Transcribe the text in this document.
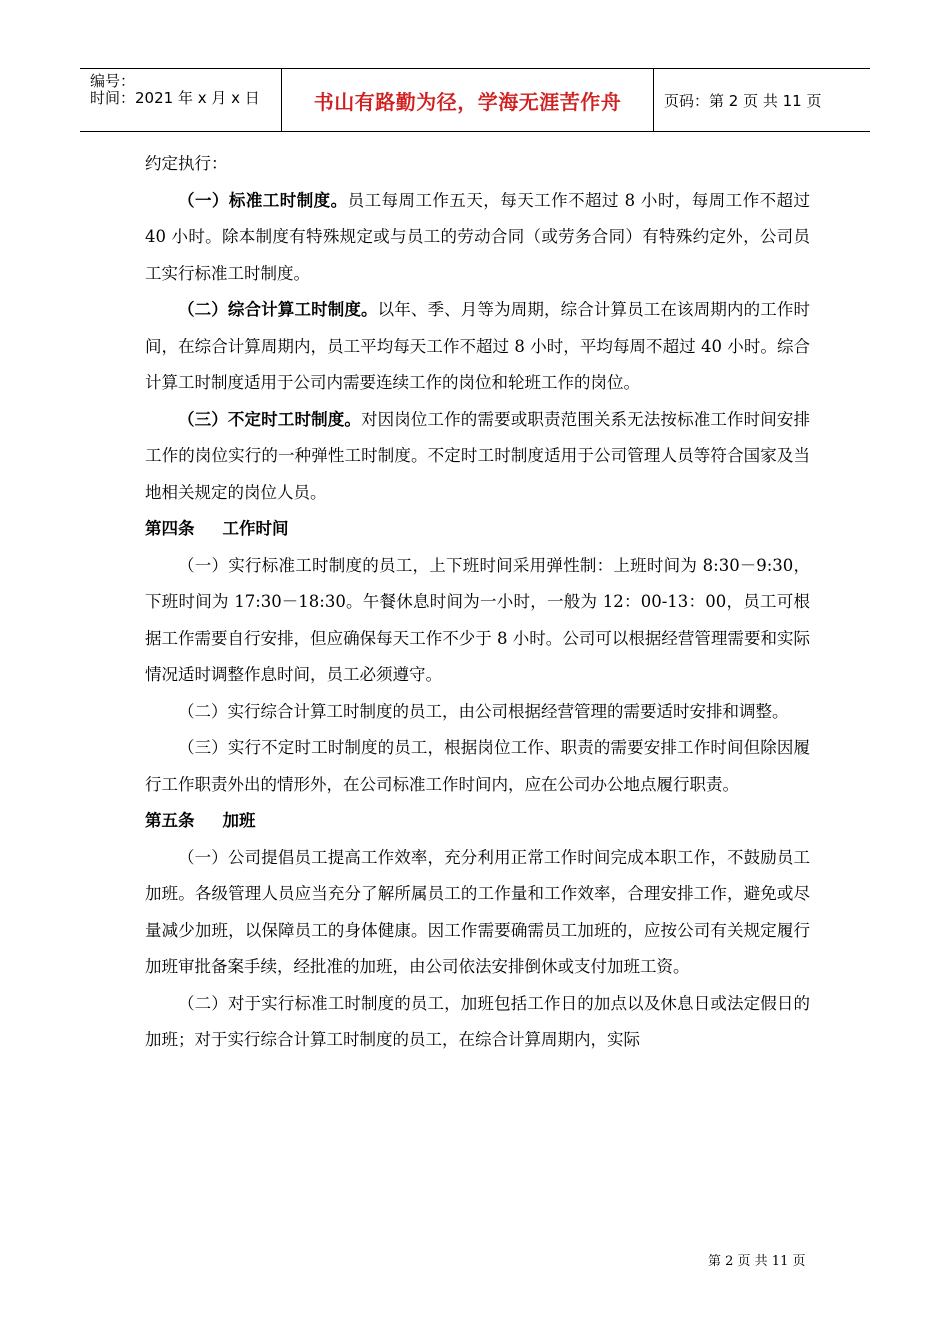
编号：
时间：2021 年 x 月 x 日	书山有路勤为径，学海无涯苦作舟	页码：第 2 页 共 11 页

约定执行：

（一）标准工时制度。员工每周工作五天，每天工作不超过 8 小时，每周工作不超过 40 小时。除本制度有特殊规定或与员工的劳动合同（或劳务合同）有特殊约定外，公司员工实行标准工时制度。

（二）综合计算工时制度。以年、季、月等为周期，综合计算员工在该周期内的工作时间，在综合计算周期内，员工平均每天工作不超过 8 小时，平均每周不超过 40 小时。综合计算工时制度适用于公司内需要连续工作的岗位和轮班工作的岗位。

（三）不定时工时制度。对因岗位工作的需要或职责范围关系无法按标准工作时间安排工作的岗位实行的一种弹性工时制度。不定时工时制度适用于公司管理人员等符合国家及当地相关规定的岗位人员。

第四条 工作时间

（一）实行标准工时制度的员工，上下班时间采用弹性制：上班时间为 8:30－9:30，下班时间为 17:30－18:30。午餐休息时间为一小时，一般为 12：00-13：00，员工可根据工作需要自行安排，但应确保每天工作不少于 8 小时。公司可以根据经营管理需要和实际情况适时调整作息时间，员工必须遵守。

（二）实行综合计算工时制度的员工，由公司根据经营管理的需要适时安排和调整。

（三）实行不定时工时制度的员工，根据岗位工作、职责的需要安排工作时间但除因履行工作职责外出的情形外，在公司标准工作时间内，应在公司办公地点履行职责。

第五条 加班

（一）公司提倡员工提高工作效率，充分利用正常工作时间完成本职工作，不鼓励员工加班。各级管理人员应当充分了解所属员工的工作量和工作效率，合理安排工作，避免或尽量减少加班，以保障员工的身体健康。因工作需要确需员工加班的，应按公司有关规定履行加班审批备案手续，经批准的加班，由公司依法安排倒休或支付加班工资。

（二）对于实行标准工时制度的员工，加班包括工作日的加点以及休息日或法定假日的加班；对于实行综合计算工时制度的员工，在综合计算周期内，实际

第 2 页 共 11 页
